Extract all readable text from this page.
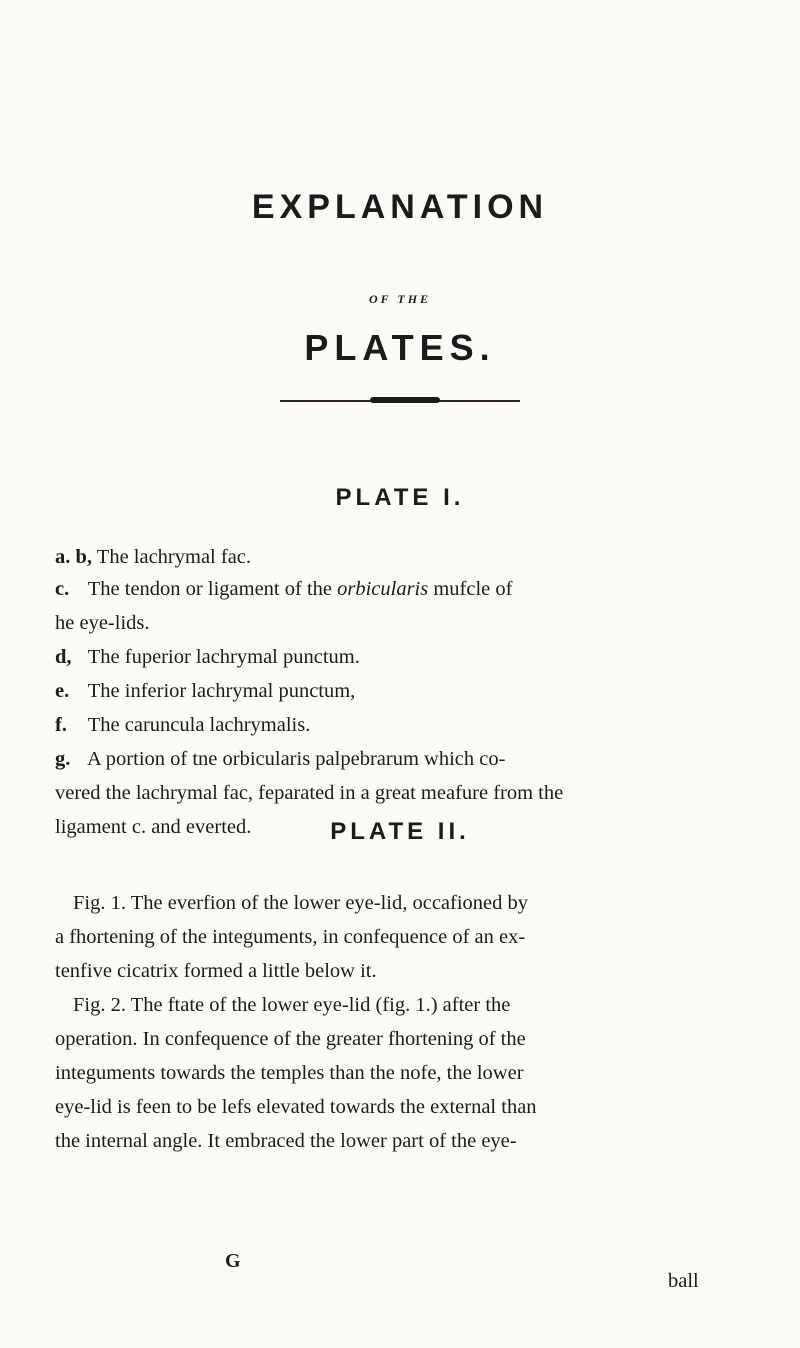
EXPLANATION
OF THE
PLATES.
PLATE I.
a. b, The lachrymal fac.
c. The tendon or ligament of the orbicularis mufcle of
he eye-lids.
d, The fuperior lachrymal punctum.
e. The inferior lachrymal punctum,
f. The caruncula lachrymalis.
g. A portion of tne orbicularis palpebrarum which co-
vered the lachrymal fac, feparated in a great meafure from the
ligament c. and everted.	PLATE II.
Fig. 1. The everfion of the lower eye-lid, occafioned by
a fhortening of the integuments, in confequence of an ex-
tenfive cicatrix formed a little below it.
Fig. 2. The ftate of the lower eye-lid (fig. 1.) after the
operation. In confequence of the greater fhortening of the
integuments towards the temples than the nofe, the lower
eye-lid is feen to be lefs elevated towards the external than
the internal angle. It embraced the lower part of the eye-
G
ball
